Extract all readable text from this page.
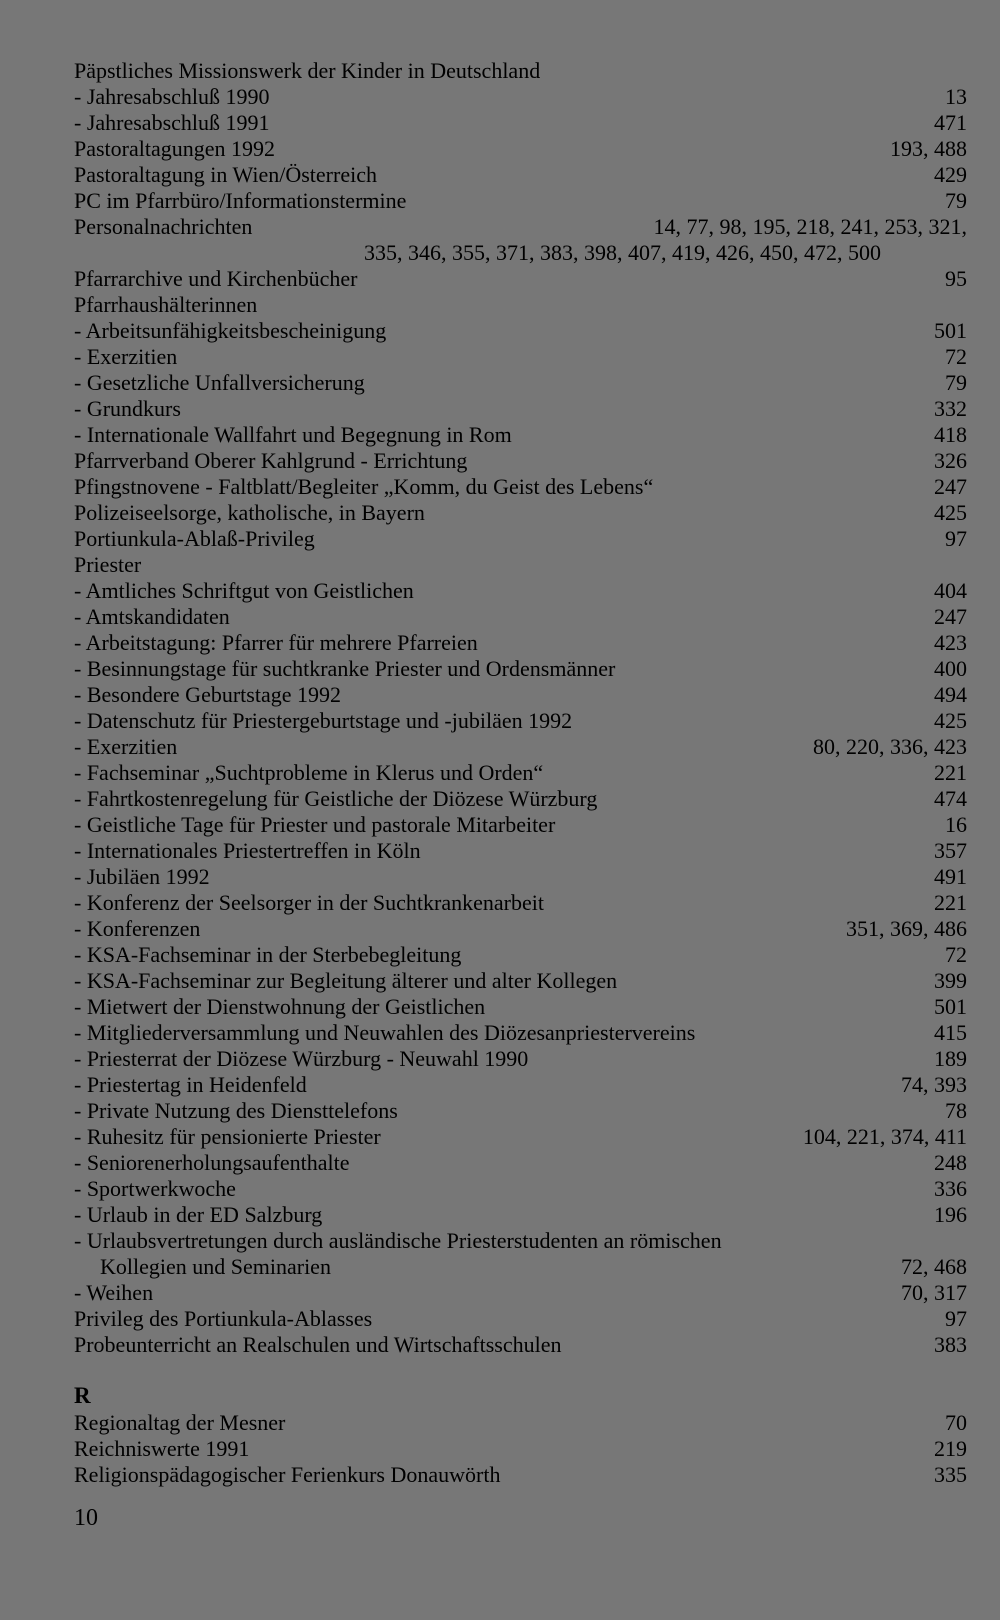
Päpstliches Missionswerk der Kinder in Deutschland
- Jahresabschluß 1990	13
- Jahresabschluß 1991	471
Pastoraltagungen 1992	193, 488
Pastoraltagung in Wien/Österreich	429
PC im Pfarrbüro/Informationstermine	79
Personalnachrichten	14, 77, 98, 195, 218, 241, 253, 321,
335, 346, 355, 371, 383, 398, 407, 419, 426, 450, 472, 500
Pfarrarchive und Kirchenbücher	95
Pfarrhaushälterinnen
- Arbeitsunfähigkeitsbescheinigung	501
- Exerzitien	72
- Gesetzliche Unfallversicherung	79
- Grundkurs	332
- Internationale Wallfahrt und Begegnung in Rom	418
Pfarrverband Oberer Kahlgrund - Errichtung	326
Pfingstnovene - Faltblatt/Begleiter „Komm, du Geist des Lebens“	247
Polizeiseelsorge, katholische, in Bayern	425
Portiunkula-Ablaß-Privileg	97
Priester
- Amtliches Schriftgut von Geistlichen	404
- Amtskandidaten	247
- Arbeitstagung: Pfarrer für mehrere Pfarreien	423
- Besinnungstage für suchtkranke Priester und Ordensmänner	400
- Besondere Geburtstage 1992	494
- Datenschutz für Priestergeburtstage und -jubiläen 1992	425
- Exerzitien	80, 220, 336, 423
- Fachseminar „Suchtprobleme in Klerus und Orden“	221
- Fahrtkostenregelung für Geistliche der Diözese Würzburg	474
- Geistliche Tage für Priester und pastorale Mitarbeiter	16
- Internationales Priestertreffen in Köln	357
- Jubiläen 1992	491
- Konferenz der Seelsorger in der Suchtkrankenarbeit	221
- Konferenzen	351, 369, 486
- KSA-Fachseminar in der Sterbebegleitung	72
- KSA-Fachseminar zur Begleitung älterer und alter Kollegen	399
- Mietwert der Dienstwohnung der Geistlichen	501
- Mitgliederversammlung und Neuwahlen des Diözesanpriestervereins	415
- Priesterrat der Diözese Würzburg - Neuwahl 1990	189
- Priestertag in Heidenfeld	74, 393
- Private Nutzung des Diensttelefons	78
- Ruhesitz für pensionierte Priester	104, 221, 374, 411
- Seniorenerholungsaufenthalte	248
- Sportwerkwoche	336
- Urlaub in der ED Salzburg	196
- Urlaubsvertretungen durch ausländische Priesterstudenten an römischen
Kollegien und Seminarien	72, 468
- Weihen	70, 317
Privileg des Portiunkula-Ablasses	97
Probeunterricht an Realschulen und Wirtschaftsschulen	383
R
Regionaltag der Mesner	70
Reichniswerte 1991	219
Religionspädagogischer Ferienkurs Donauwörth	335
10
